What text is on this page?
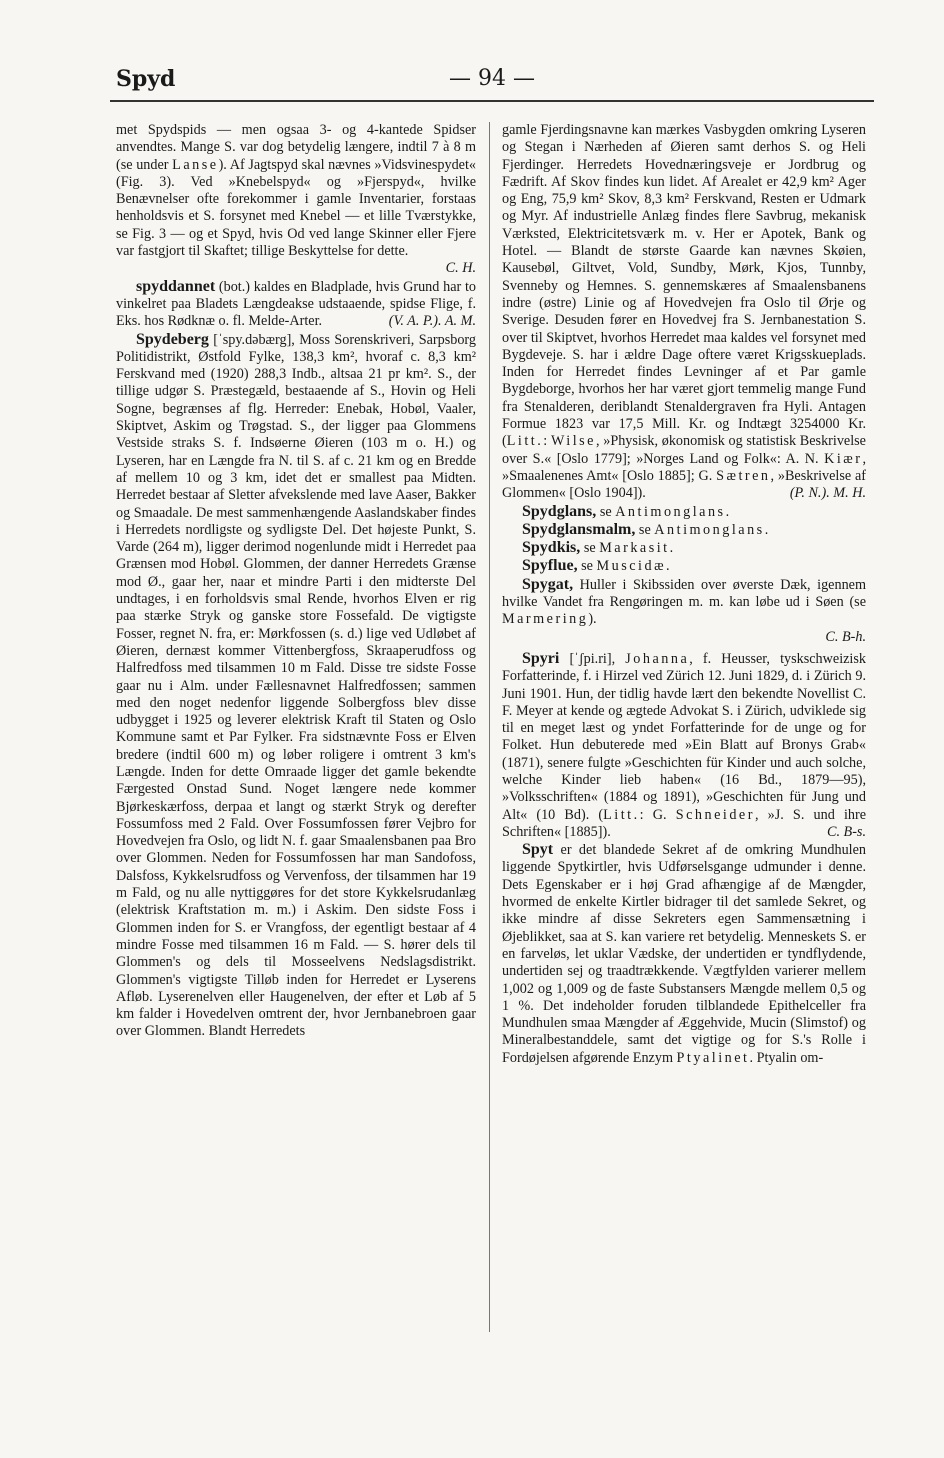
Spyd	— 94 —

met Spydspids — men ogsaa 3- og 4-kantede Spidser anvendtes. Mange S. var dog betydelig længere, indtil 7 à 8 m (se under Lanse). Af Jagtspyd skal nævnes »Vidsvinespydet« (Fig. 3). Ved »Knebelspyd« og »Fjerspyd«, hvilke Benævnelser ofte forekommer i gamle Inventarier, forstaas henholdsvis et S. forsynet med Knebel — et lille Tværstykke, se Fig. 3 — og et Spyd, hvis Od ved lange Skinner eller Fjere var fastgjort til Skaftet; tillige Beskyttelse for dette.
C. H.

spyddannet (bot.) kaldes en Bladplade, hvis Grund har to vinkelret paa Bladets Længdeakse udstaaende, spidse Flige, f. Eks. hos Rødknæ o. fl. Melde-Arter.	(V. A. P.). A. M.

Spydeberg [ˈspy.dəbærg], Moss Sorenskriveri, Sarpsborg Politidistrikt, Østfold Fylke, 138,3 km², hvoraf c. 8,3 km² Ferskvand med (1920) 288,3 Indb., altsaa 21 pr km². S., der tillige udgør S. Præstegæld, bestaaende af S., Hovin og Heli Sogne, begrænses af flg. Herreder: Enebak, Hobøl, Vaaler, Skiptvet, Askim og Trøgstad. S., der ligger paa Glommens Vestside straks S. f. Indsøerne Øieren (103 m o. H.) og Lyseren, har en Længde fra N. til S. af c. 21 km og en Bredde af mellem 10 og 3 km, idet det er smallest paa Midten. Herredet bestaar af Sletter afvekslende med lave Aaser, Bakker og Smaadale. De mest sammenhængende Aaslandskaber findes i Herredets nordligste og sydligste Del. Det højeste Punkt, S. Varde (264 m), ligger derimod nogenlunde midt i Herredet paa Grænsen mod Hobøl. Glommen, der danner Herredets Grænse mod Ø., gaar her, naar et mindre Parti i den midterste Del undtages, i en forholdsvis smal Rende, hvorhos Elven er rig paa stærke Stryk og ganske store Fossefald. De vigtigste Fosser, regnet N. fra, er: Mørkfossen (s. d.) lige ved Udløbet af Øieren, dernæst kommer Vittenbergfoss, Skraaperudfoss og Halfredfoss med tilsammen 10 m Fald. Disse tre sidste Fosse gaar nu i Alm. under Fællesnavnet Halfredfossen; sammen med den noget nedenfor liggende Solbergfoss blev disse udbygget i 1925 og leverer elektrisk Kraft til Staten og Oslo Kommune samt et Par Fylker. Fra sidstnævnte Foss er Elven bredere (indtil 600 m) og løber roligere i omtrent 3 km's Længde. Inden for dette Omraade ligger det gamle bekendte Færgested Onstad Sund. Noget længere nede kommer Bjørkeskærfoss, derpaa et langt og stærkt Stryk og derefter Fossumfoss med 2 Fald. Over Fossumfossen fører Vejbro for Hovedvejen fra Oslo, og lidt N. f. gaar Smaalensbanen paa Bro over Glommen. Neden for Fossumfossen har man Sandofoss, Dalsfoss, Kykkelsrudfoss og Vervenfoss, der tilsammen har 19 m Fald, og nu alle nyttiggøres for det store Kykkelsrudanlæg (elektrisk Kraftstation m. m.) i Askim. Den sidste Foss i Glommen inden for S. er Vrangfoss, der egentligt bestaar af 4 mindre Fosse med tilsammen 16 m Fald. — S. hører dels til Glommen's og dels til Mosseelvens Nedslagsdistrikt. Glommen's vigtigste Tilløb inden for Herredet er Lyserens Afløb. Lyserenelven eller Haugenelven, der efter et Løb af 5 km falder i Hovedelven omtrent der, hvor Jernbanebroen gaar over Glommen. Blandt Herredets

gamle Fjerdingsnavne kan mærkes Vasbygden omkring Lyseren og Stegan i Nærheden af Øieren samt derhos S. og Heli Fjerdinger. Herredets Hovednæringsveje er Jordbrug og Fædrift. Af Skov findes kun lidet. Af Arealet er 42,9 km² Ager og Eng, 75,9 km² Skov, 8,3 km² Ferskvand, Resten er Udmark og Myr. Af industrielle Anlæg findes flere Savbrug, mekanisk Værksted, Elektricitetsværk m. v. Her er Apotek, Bank og Hotel. — Blandt de største Gaarde kan nævnes Skøien, Kausebøl, Giltvet, Vold, Sundby, Mørk, Kjos, Tunnby, Svenneby og Hemnes. S. gennemskæres af Smaalensbanens indre (østre) Linie og af Hovedvejen fra Oslo til Ørje og Sverige. Desuden fører en Hovedvej fra S. Jernbanestation S. over til Skiptvet, hvorhos Herredet maa kaldes vel forsynet med Bygdeveje. S. har i ældre Dage oftere været Krigsskueplads. Inden for Herredet findes Levninger af et Par gamle Bygdeborge, hvorhos her har været gjort temmelig mange Fund fra Stenalderen, deriblandt Stenaldergraven fra Hyli. Antagen Formue 1823 var 17,5 Mill. Kr. og Indtægt 3254000 Kr. (Litt.: Wilse, »Physisk, økonomisk og statistisk Beskrivelse over S.« [Oslo 1779]; »Norges Land og Folk«: A. N. Kiær, »Smaalenenes Amt« [Oslo 1885]; G. Sætren, »Beskrivelse af Glommen« [Oslo 1904]).	(P. N.). M. H.

Spydglans, se Antimonglans.

Spydglansmalm, se Antimonglans.

Spydkis, se Markasit.

Spyflue, se Muscidæ.

Spygat, Huller i Skibssiden over øverste Dæk, igennem hvilke Vandet fra Rengøringen m. m. kan løbe ud i Søen (se Marmering).
C. B-h.

Spyri [ˈʃpi.ri], Johanna, f. Heusser, tyskschweizisk Forfatterinde, f. i Hirzel ved Zürich 12. Juni 1829, d. i Zürich 9. Juni 1901. Hun, der tidlig havde lært den bekendte Novellist C. F. Meyer at kende og ægtede Advokat S. i Zürich, udviklede sig til en meget læst og yndet Forfatterinde for de unge og for Folket. Hun debuterede med »Ein Blatt auf Bronys Grab« (1871), senere fulgte »Geschichten für Kinder und auch solche, welche Kinder lieb haben« (16 Bd., 1879—95), »Volksschriften« (1884 og 1891), »Geschichten für Jung und Alt« (10 Bd). (Litt.: G. Schneider, »J. S. und ihre Schriften« [1885]).	C. B-s.

Spyt er det blandede Sekret af de omkring Mundhulen liggende Spytkirtler, hvis Udførselsgange udmunder i denne. Dets Egenskaber er i høj Grad afhængige af de Mængder, hvormed de enkelte Kirtler bidrager til det samlede Sekret, og ikke mindre af disse Sekreters egen Sammensætning i Øjeblikket, saa at S. kan variere ret betydelig. Menneskets S. er en farveløs, let uklar Vædske, der undertiden er tyndflydende, undertiden sej og traadtrækkende. Vægtfylden varierer mellem 1,002 og 1,009 og de faste Substansers Mængde mellem 0,5 og 1 %. Det indeholder foruden tilblandede Epithelceller fra Mundhulen smaa Mængder af Æggehvide, Mucin (Slimstof) og Mineralbestanddele, samt det vigtige og for S.'s Rolle i Fordøjelsen afgørende Enzym Ptyalinet. Ptyalin om-
